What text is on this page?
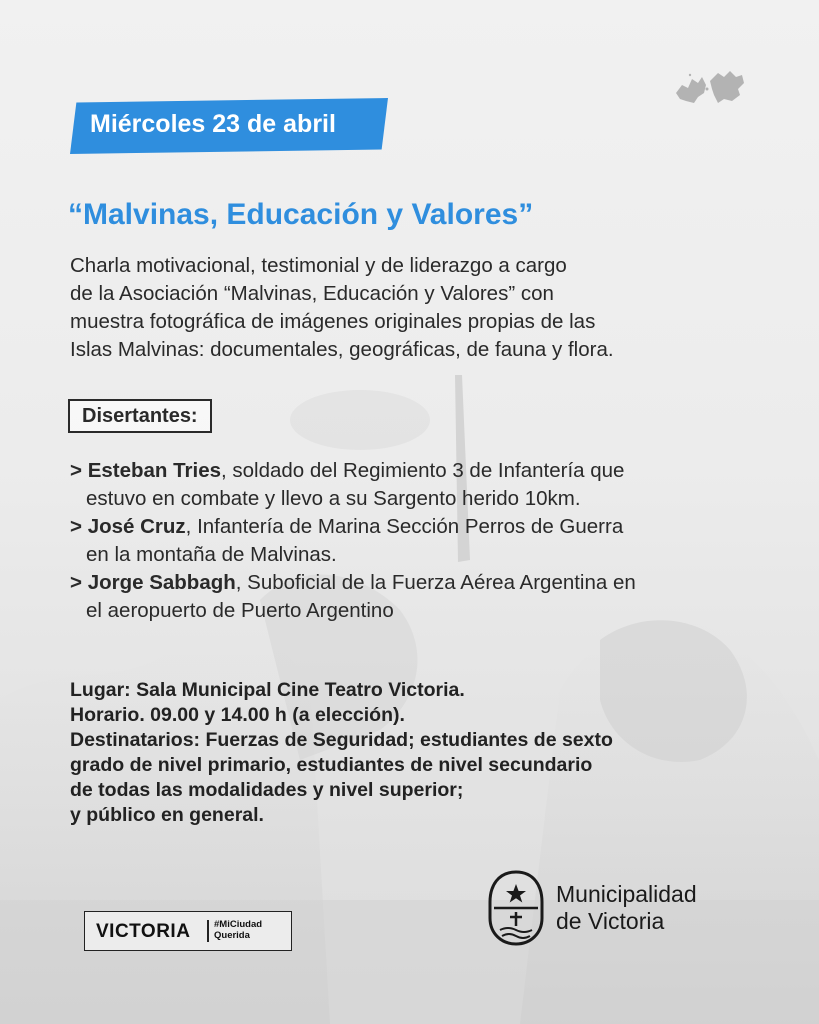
Miércoles 23 de abril
“Malvinas, Educación y Valores”

Charla motivacional, testimonial y de liderazgo a cargo
de la Asociación “Malvinas, Educación y Valores” con
muestra fotográfica de imágenes originales propias de las
Islas Malvinas: documentales, geográficas, de fauna y flora.

Disertantes:
> Esteban Tries, soldado del Regimiento 3 de Infantería que
estuvo en combate y llevo a su Sargento herido 10km.
> José Cruz, Infantería de Marina Sección Perros de Guerra
en la montaña de Malvinas.
> Jorge Sabbagh, Suboficial de la Fuerza Aérea Argentina en
el aeropuerto de Puerto Argentino
Lugar: Sala Municipal Cine Teatro Victoria.
Horario. 09.00 y 14.00 h (a elección).
Destinatarios: Fuerzas de Seguridad; estudiantes de sexto
grado de nivel primario, estudiantes de nivel secundario
de todas las modalidades y nivel superior;
y público en general.
VICTORIA #MiCiudad
Querida
Municipalidad
de Victoria
